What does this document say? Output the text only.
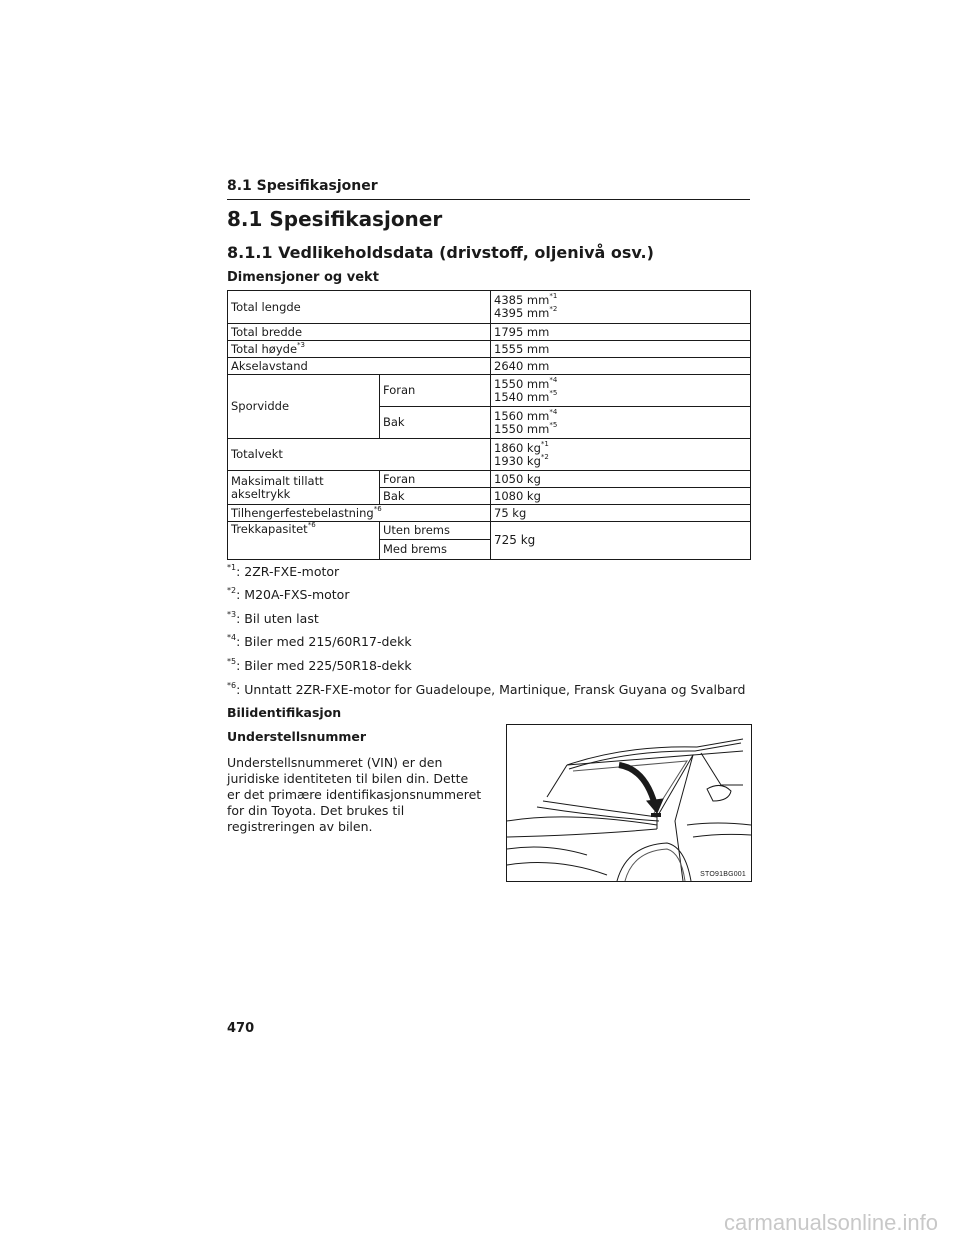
8.1 Spesifikasjoner
8.1 Spesifikasjoner
8.1.1 Vedlikeholdsdata (drivstoff, oljenivå osv.)
Dimensjoner og vekt
Total lengde		4385 $mm^{*1}$
4395 $mm^{*2}$
Total bredde		1795 mm
Total høyde$^{*3}$		1555 mm
Akselavstand		2640 mm
Sporvidde	Foran	1550 $mm^{*4}$
1540 $mm^{*5}$
	Bak	1560 $mm^{*4}$
1550 $mm^{*5}$
Totalvekt		1860 $kg^{*1}$
1930 $kg^{*2}$
Maksimalt tillatt akseltrykk	Foran	1050 kg
	Bak	1080 kg
Tilhengerfestebelastning$^{*6}$		75 kg
Trekkapasitet$^{*6}$	Uten brems	725 kg
	Med brems	
$^{*1}$: 2ZR-FXE-motor
$^{*2}$: M20A-FXS-motor
$^{*3}$: Bil uten last
$^{*4}$: Biler med 215/60R17-dekk
$^{*5}$: Biler med 225/50R18-dekk
$^{*6}$: Unntatt 2ZR-FXE-motor for Guadeloupe, Martinique, Fransk Guyana og Svalbard
Bilidentifikasjon
Understellsnummer
Understellsnummeret (VIN) er den juridiske identiteten til bilen din. Dette er det primære identifikasjonsnummeret for din Toyota. Det brukes til registreringen av bilen.
STO91BG001
470
carmanualsonline.info
